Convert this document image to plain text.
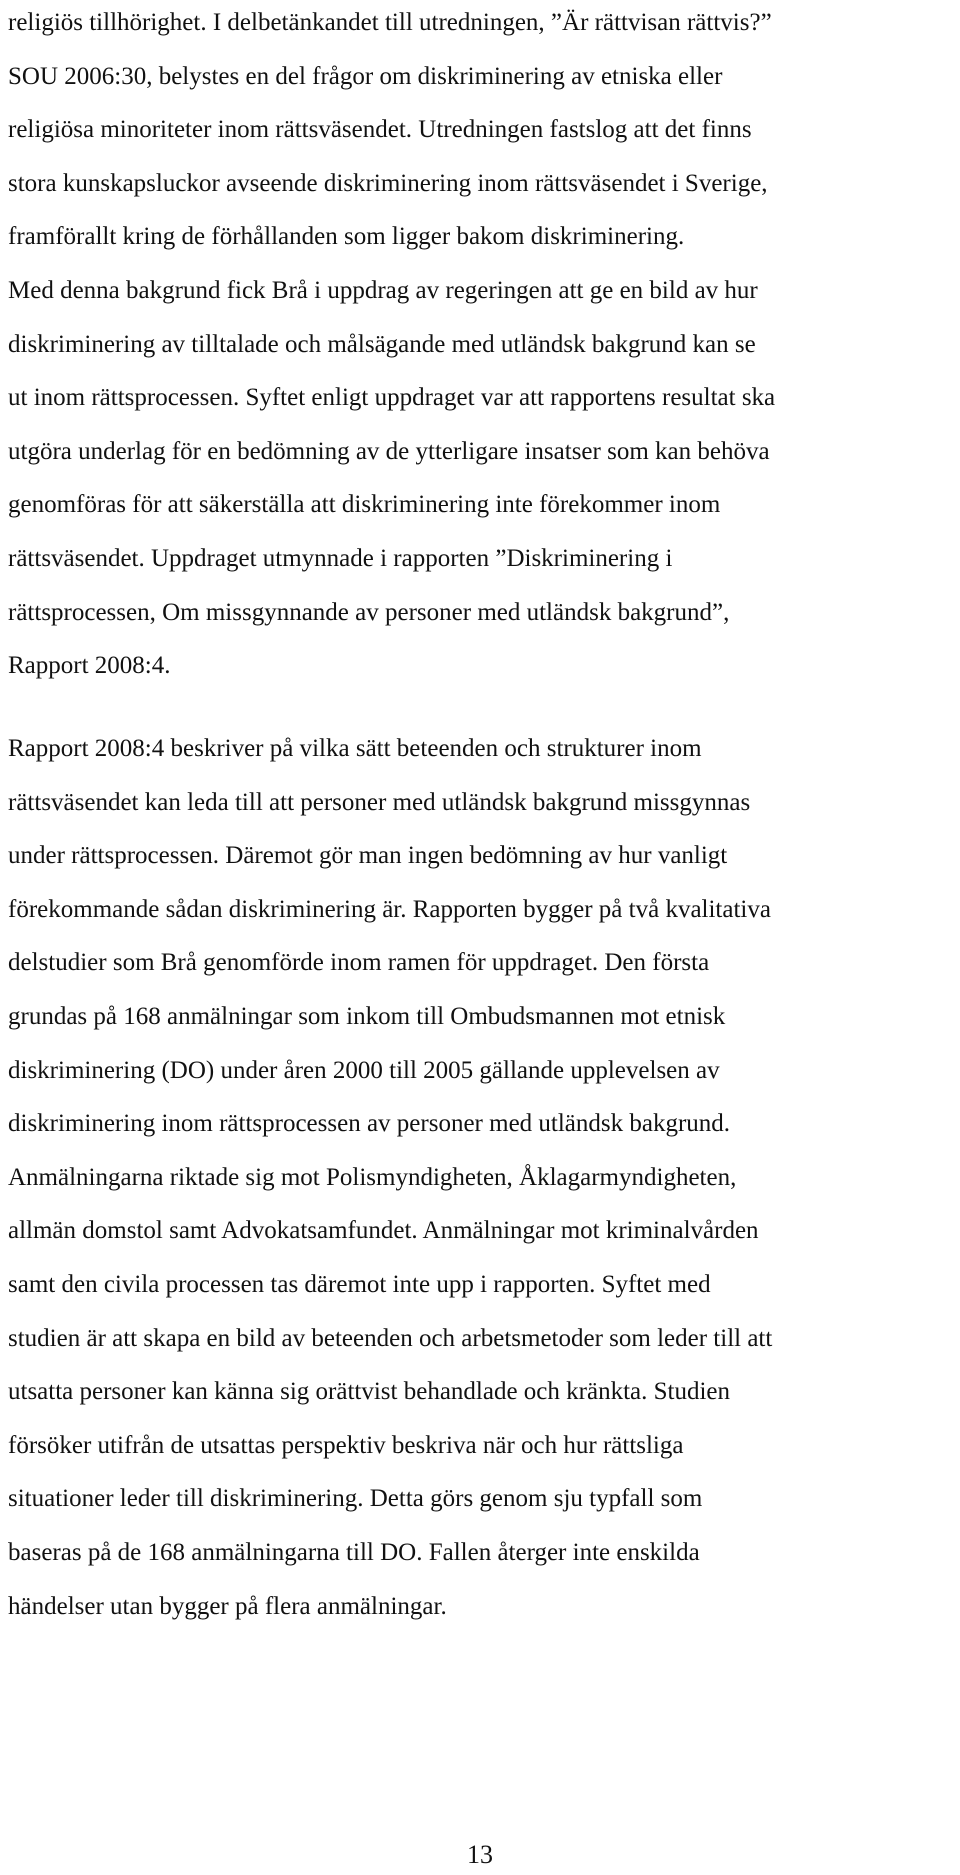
religiös tillhörighet. I delbetänkandet till utredningen, ”Är rättvisan rättvis?”
SOU 2006:30, belystes en del frågor om diskriminering av etniska eller
religiösa minoriteter inom rättsväsendet. Utredningen fastslog att det finns
stora kunskapsluckor avseende diskriminering inom rättsväsendet i Sverige,
framförallt kring de förhållanden som ligger bakom diskriminering.
Med denna bakgrund fick Brå i uppdrag av regeringen att ge en bild av hur
diskriminering av tilltalade och målsägande med utländsk bakgrund kan se
ut inom rättsprocessen. Syftet enligt uppdraget var att rapportens resultat ska
utgöra underlag för en bedömning av de ytterligare insatser som kan behöva
genomföras för att säkerställa att diskriminering inte förekommer inom
rättsväsendet. Uppdraget utmynnade i rapporten ”Diskriminering i
rättsprocessen, Om missgynnande av personer med utländsk bakgrund”,
Rapport 2008:4.
Rapport 2008:4 beskriver på vilka sätt beteenden och strukturer inom
rättsväsendet kan leda till att personer med utländsk bakgrund missgynnas
under rättsprocessen. Däremot gör man ingen bedömning av hur vanligt
förekommande sådan diskriminering är. Rapporten bygger på två kvalitativa
delstudier som Brå genomförde inom ramen för uppdraget. Den första
grundas på 168 anmälningar som inkom till Ombudsmannen mot etnisk
diskriminering (DO) under åren 2000 till 2005 gällande upplevelsen av
diskriminering inom rättsprocessen av personer med utländsk bakgrund.
Anmälningarna riktade sig mot Polismyndigheten, Åklagarmyndigheten,
allmän domstol samt Advokatsamfundet. Anmälningar mot kriminalvården
samt den civila processen tas däremot inte upp i rapporten. Syftet med
studien är att skapa en bild av beteenden och arbetsmetoder som leder till att
utsatta personer kan känna sig orättvist behandlade och kränkta. Studien
försöker utifrån de utsattas perspektiv beskriva när och hur rättsliga
situationer leder till diskriminering. Detta görs genom sju typfall som
baseras på de 168 anmälningarna till DO. Fallen återger inte enskilda
händelser utan bygger på flera anmälningar.
13
